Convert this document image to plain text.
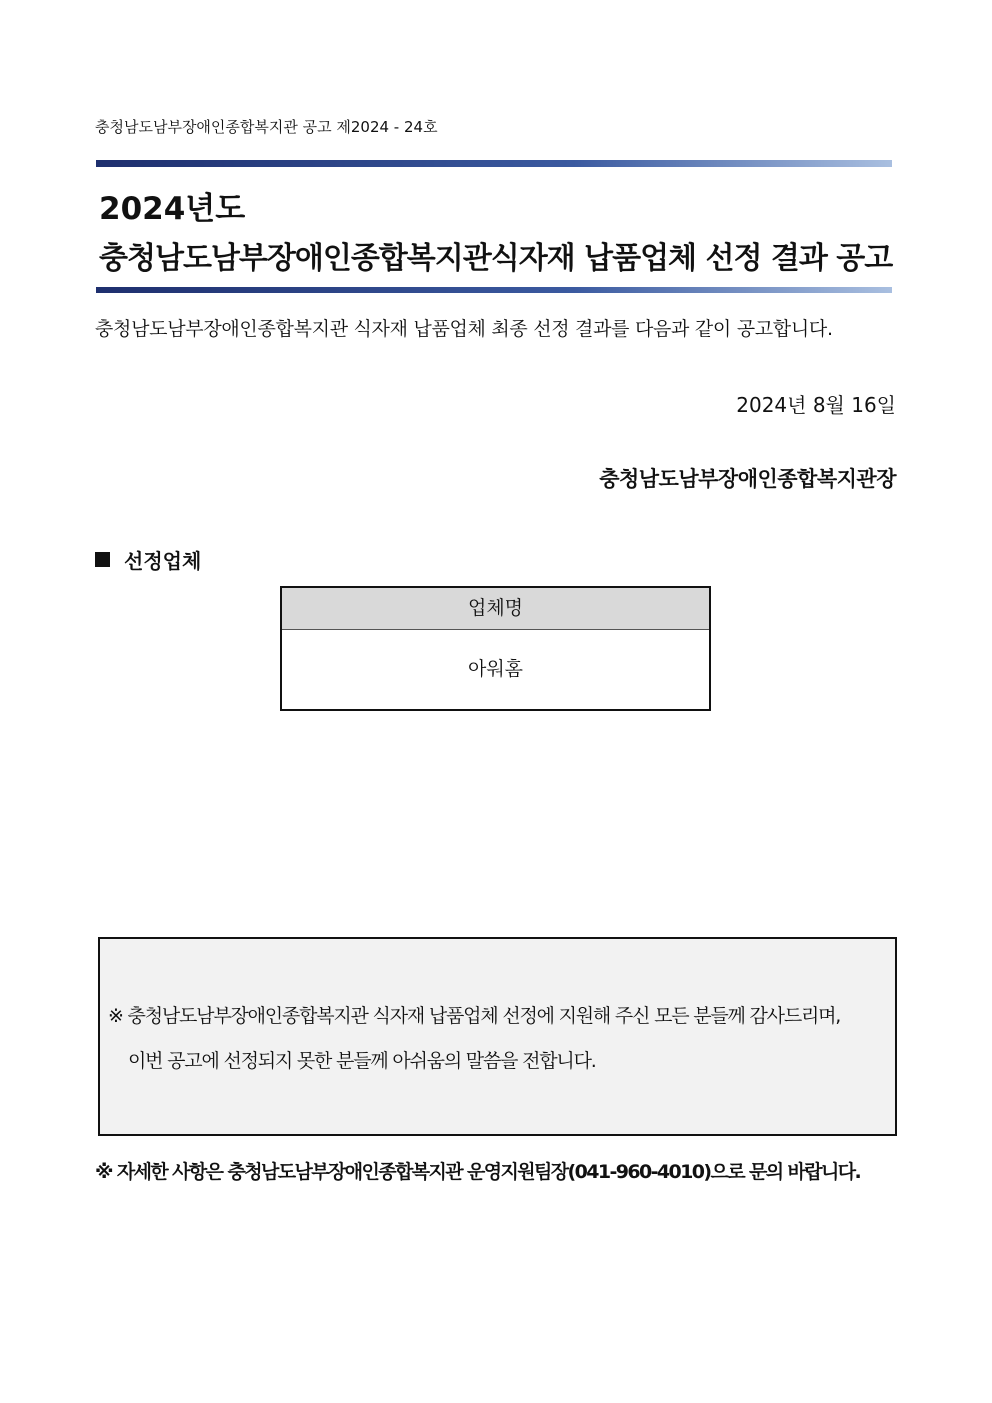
충청남도남부장애인종합복지관 공고 제2024 - 24호
2024년도
충청남도남부장애인종합복지관식자재 납품업체 선정 결과 공고
충청남도남부장애인종합복지관 식자재 납품업체 최종 선정 결과를 다음과 같이 공고합니다.
2024년 8월 16일
충청남도남부장애인종합복지관장
선정업체
업체명
아워홈
※ 충청남도남부장애인종합복지관 식자재 납품업체 선정에 지원해 주신 모든 분들께 감사드리며,
이번 공고에 선정되지 못한 분들께 아쉬움의 말씀을 전합니다.
※ 자세한 사항은 충청남도남부장애인종합복지관 운영지원팀장(041-960-4010)으로 문의 바랍니다.
